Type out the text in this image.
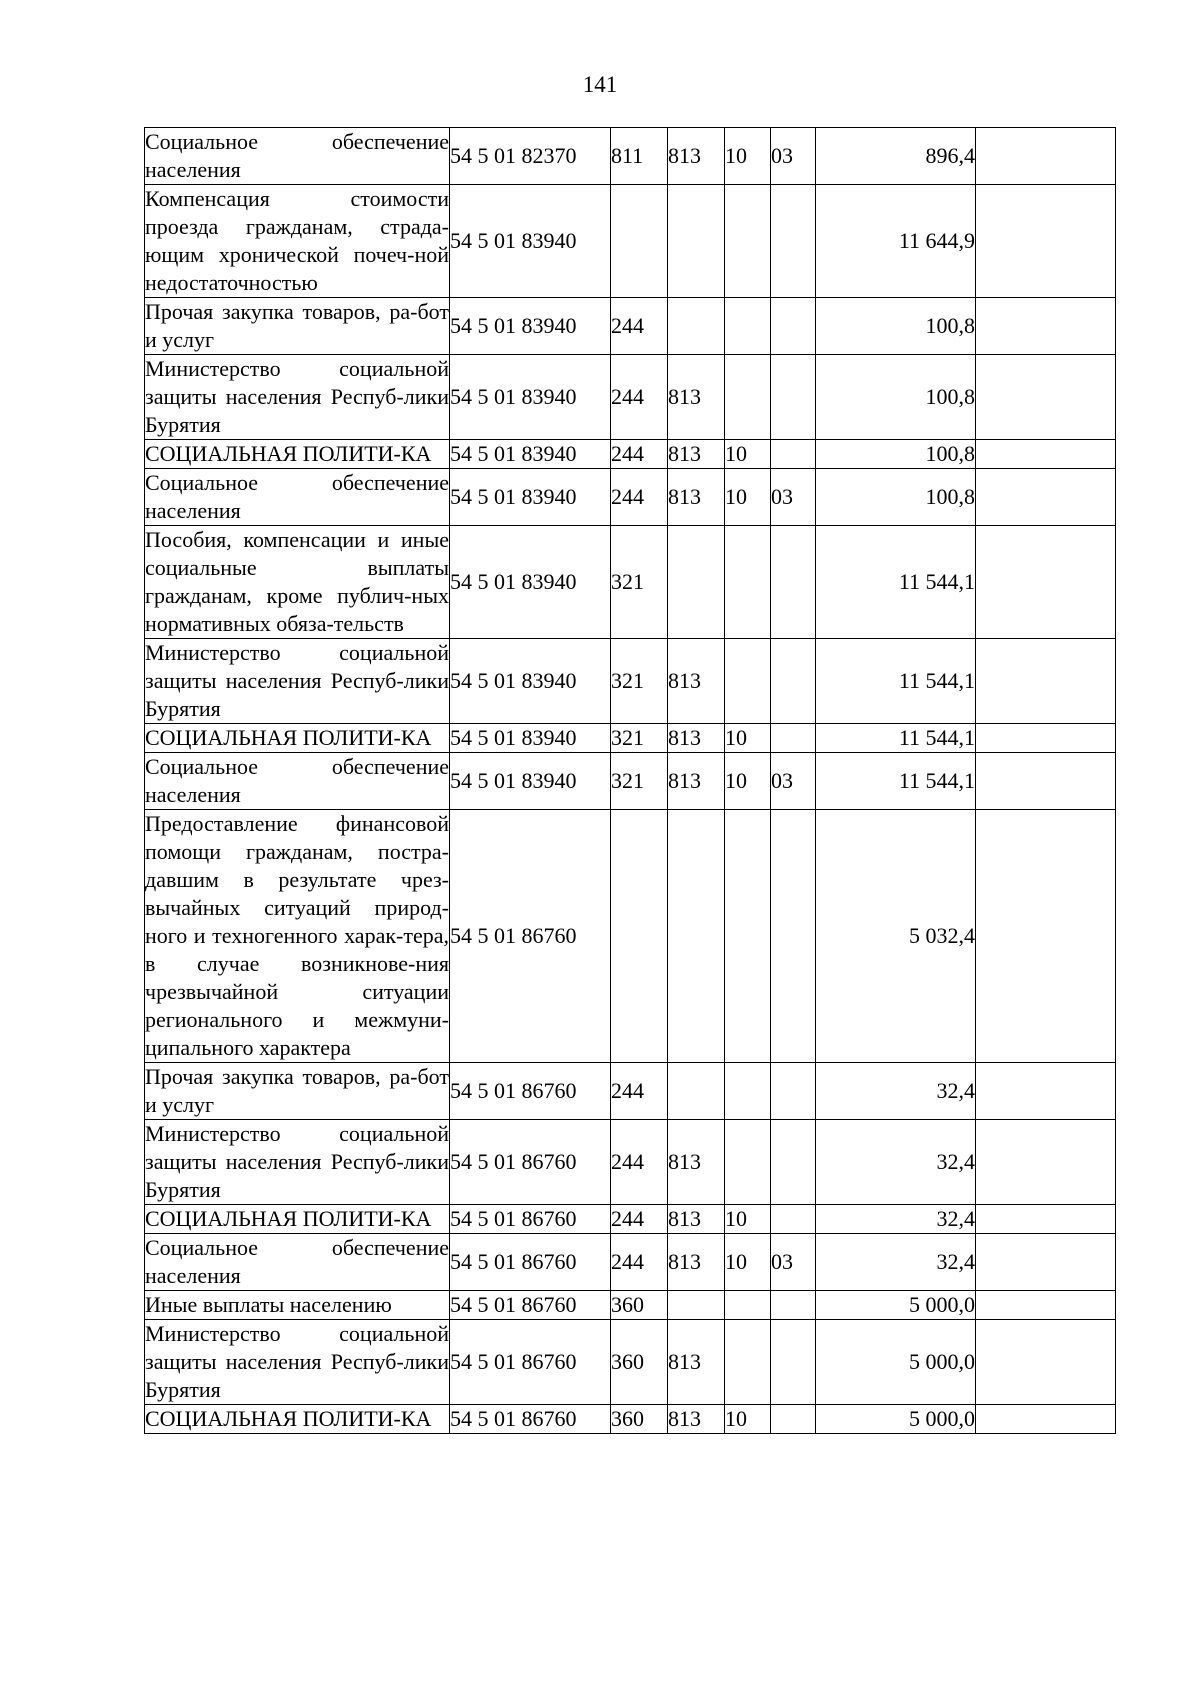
141
Социальное обеспечение населения	54 5 01 82370	811	813	10	03	896,4	
Компенсация стоимости проезда гражданам, страда-ющим хронической почеч-ной недостаточностью	54 5 01 83940					11 644,9	
Прочая закупка товаров, ра-бот и услуг	54 5 01 83940	244				100,8	
Министерство социальной защиты населения Респуб-лики Бурятия	54 5 01 83940	244	813			100,8	
СОЦИАЛЬНАЯ ПОЛИТИ-КА	54 5 01 83940	244	813	10		100,8	
Социальное обеспечение населения	54 5 01 83940	244	813	10	03	100,8	
Пособия, компенсации и иные социальные выплаты гражданам, кроме публич-ных нормативных обяза-тельств	54 5 01 83940	321				11 544,1	
Министерство социальной защиты населения Респуб-лики Бурятия	54 5 01 83940	321	813			11 544,1	
СОЦИАЛЬНАЯ ПОЛИТИ-КА	54 5 01 83940	321	813	10		11 544,1	
Социальное обеспечение населения	54 5 01 83940	321	813	10	03	11 544,1	
Предоставление финансовой помощи гражданам, постра-давшим в результате чрез-вычайных ситуаций природ-ного и техногенного харак-тера, в случае возникнове-ния чрезвычайной ситуации регионального и межмуни-ципального характера	54 5 01 86760					5 032,4	
Прочая закупка товаров, ра-бот и услуг	54 5 01 86760	244				32,4	
Министерство социальной защиты населения Респуб-лики Бурятия	54 5 01 86760	244	813			32,4	
СОЦИАЛЬНАЯ ПОЛИТИ-КА	54 5 01 86760	244	813	10		32,4	
Социальное обеспечение населения	54 5 01 86760	244	813	10	03	32,4	
Иные выплаты населению	54 5 01 86760	360				5 000,0	
Министерство социальной защиты населения Респуб-лики Бурятия	54 5 01 86760	360	813			5 000,0	
СОЦИАЛЬНАЯ ПОЛИТИ-КА	54 5 01 86760	360	813	10		5 000,0	
